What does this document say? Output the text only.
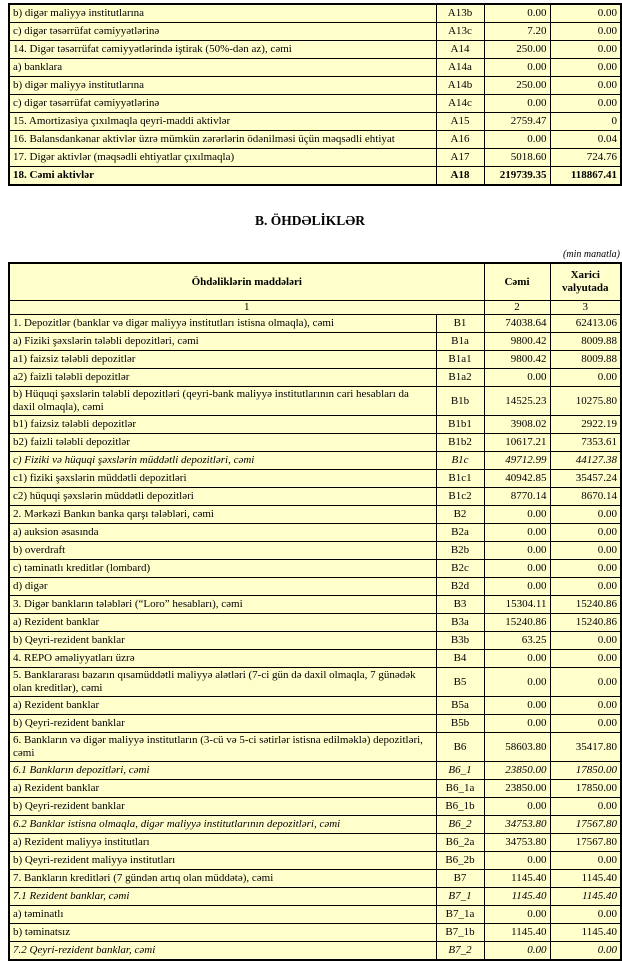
b) digər maliyyə institutlarına	A13b	0.00	0.00
c) digər təsərrüfat cəmiyyətlərinə	A13c	7.20	0.00
14. Digər təsərrüfat cəmiyyətlərində iştirak (50%-dən az), cəmi	A14	250.00	0.00
a) banklara	A14a	0.00	0.00
b) digər maliyyə institutlarına	A14b	250.00	0.00
c) digər təsərrüfat cəmiyyətlərinə	A14c	0.00	0.00
15. Amortizasiya çıxılmaqla qeyri-maddi aktivlər	A15	2759.47	0
16. Balansdankənar aktivlər üzrə mümkün zərərlərin ödənilməsi üçün məqsədli ehtiyat	A16	0.00	0.04
17. Digər aktivlər (məqsədli ehtiyatlar çıxılmaqla)	A17	5018.60	724.76
18. Cəmi aktivlər	A18	219739.35	118867.41
B. ÖHDƏLİKLƏR
(min manatla)
Öhdəliklərin maddələri		Cəmi	Xarici valyutada
1		2	3
1. Depozitlər (banklar və digər maliyyə institutları istisna olmaqla), cəmi	B1	74038.64	62413.06
a) Fiziki şəxslərin tələbli depozitləri, cəmi	B1a	9800.42	8009.88
a1) faizsiz tələbli depozitlər	B1a1	9800.42	8009.88
a2) faizli tələbli depozitlər	B1a2	0.00	0.00
b) Hüquqi şəxslərin tələbli depozitləri (qeyri-bank maliyyə institutlarının cari hesabları da daxil olmaqla), cəmi	B1b	14525.23	10275.80
b1) faizsiz tələbli depozitlər	B1b1	3908.02	2922.19
b2) faizli tələbli depozitlər	B1b2	10617.21	7353.61
c) Fiziki və hüquqi şəxslərin müddətli depozitləri, cəmi	B1c	49712.99	44127.38
c1) fiziki şəxslərin müddətli depozitləri	B1c1	40942.85	35457.24
c2) hüquqi şəxslərin müddətli depozitləri	B1c2	8770.14	8670.14
2. Mərkəzi Bankın banka qarşı tələbləri, cəmi	B2	0.00	0.00
a) auksion əsasında	B2a	0.00	0.00
b) overdraft	B2b	0.00	0.00
c) təminatlı kreditlər (lombard)	B2c	0.00	0.00
d) digər	B2d	0.00	0.00
3. Digər bankların tələbləri (“Loro” hesabları), cəmi	B3	15304.11	15240.86
a) Rezident banklar	B3a	15240.86	15240.86
b) Qeyri-rezident banklar	B3b	63.25	0.00
4. REPO əməliyyatları üzrə	B4	0.00	0.00
5. Banklararası bazarın qısamüddətli maliyyə alətləri (7-ci gün də daxil olmaqla, 7 günədək olan kreditlər), cəmi	B5	0.00	0.00
a) Rezident banklar	B5a	0.00	0.00
b) Qeyri-rezident banklar	B5b	0.00	0.00
6. Bankların və digər maliyyə institutların (3-cü və 5-ci sətirlər istisna edilməklə) depozitləri, cəmi	B6	58603.80	35417.80
6.1 Bankların depozitləri, cəmi	B6_1	23850.00	17850.00
a) Rezident banklar	B6_1a	23850.00	17850.00
b) Qeyri-rezident banklar	B6_1b	0.00	0.00
6.2 Banklar istisna olmaqla, digər maliyyə institutlarının depozitləri, cəmi	B6_2	34753.80	17567.80
a) Rezident maliyyə institutları	B6_2a	34753.80	17567.80
b) Qeyri-rezident maliyyə institutları	B6_2b	0.00	0.00
7. Bankların kreditləri (7 gündən artıq olan müddətə), cəmi	B7	1145.40	1145.40
7.1 Rezident banklar, cəmi	B7_1	1145.40	1145.40
a) təminatlı	B7_1a	0.00	0.00
b) təminatsız	B7_1b	1145.40	1145.40
7.2 Qeyri-rezident banklar, cəmi	B7_2	0.00	0.00
